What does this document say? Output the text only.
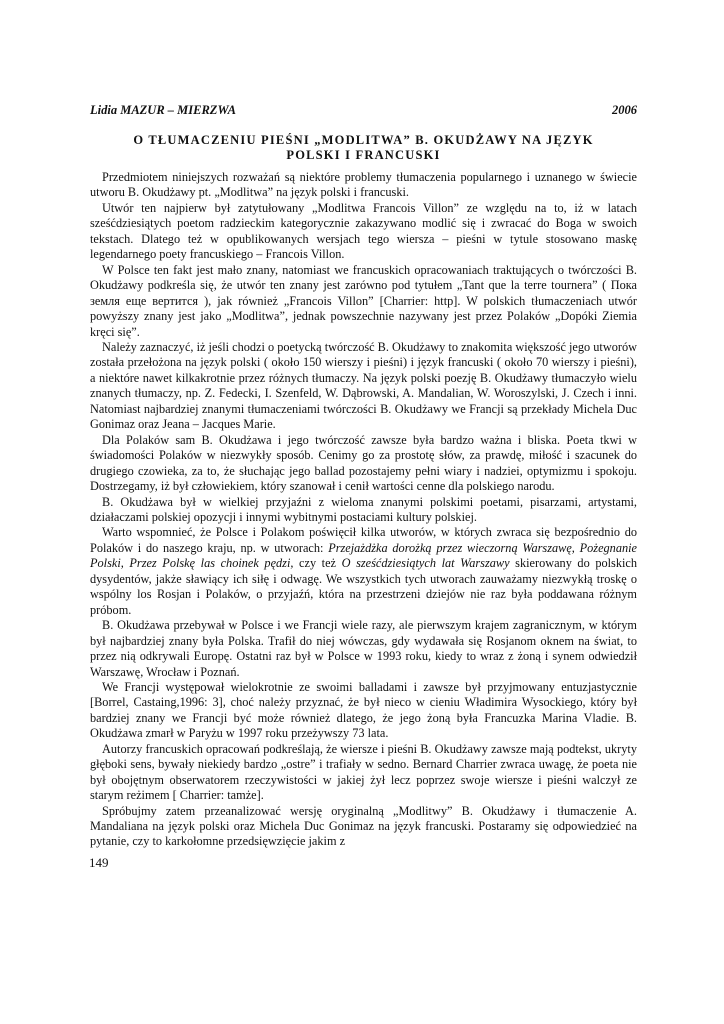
Lidia MAZUR – MIERZWA	2006
O TŁUMACZENIU PIEŚNI „MODLITWA” B. OKUDŻAWY NA JĘZYK
POLSKI I FRANCUSKI

Przedmiotem niniejszych rozważań są niektóre problemy tłumaczenia popularnego i uznanego w świecie utworu B. Okudżawy pt. „Modlitwa” na język polski i francuski.

Utwór ten najpierw był zatytułowany „Modlitwa Francois Villon” ze względu na to, iż w latach sześćdziesiątych poetom radzieckim kategorycznie zakazywano modlić się i zwracać do Boga w swoich tekstach. Dlatego też w opublikowanych wersjach tego wiersza – pieśni w tytule stosowano maskę legendarnego poety francuskiego – Francois Villon.

W Polsce ten fakt jest mało znany, natomiast we francuskich opracowaniach traktujących o twórczości B. Okudżawy podkreśla się, że utwór ten znany jest zarówno pod tytułem „Tant que la terre tournera” ( Пока земля еще вертится ), jak również „Francois Villon” [Charrier: http]. W polskich tłumaczeniach utwór powyższy znany jest jako „Modlitwa”, jednak powszechnie nazywany jest przez Polaków „Dopóki Ziemia kręci się”.

Należy zaznaczyć, iż jeśli chodzi o poetycką twórczość B. Okudżawy to znakomita większość jego utworów została przełożona na język polski ( około 150 wierszy i pieśni) i język francuski ( około 70 wierszy i pieśni), a niektóre nawet kilkakrotnie przez różnych tłumaczy. Na język polski poezję B. Okudżawy tłumaczyło wielu znanych tłumaczy, np. Z. Fedecki, I. Szenfeld, W. Dąbrowski, A. Mandalian, W. Woroszylski, J. Czech i inni. Natomiast najbardziej znanymi tłumaczeniami twórczości B. Okudżawy we Francji są przekłady Michela Duc Gonimaz oraz Jeana – Jacques Marie.

Dla Polaków sam B. Okudżawa i jego twórczość zawsze była bardzo ważna i bliska. Poeta tkwi w świadomości Polaków w niezwykły sposób. Cenimy go za prostotę słów, za prawdę, miłość i szacunek do drugiego czowieka, za to, że słuchając jego ballad pozostajemy pełni wiary i nadziei, optymizmu i spokoju. Dostrzegamy, iż był człowiekiem, który szanował i cenił wartości cenne dla polskiego narodu.

B. Okudżawa był w wielkiej przyjaźni z wieloma znanymi polskimi poetami, pisarzami, artystami, działaczami polskiej opozycji i innymi wybitnymi postaciami kultury polskiej.

Warto wspomnieć, że Polsce i Polakom poświęcił kilka utworów, w których zwraca się bezpośrednio do Polaków i do naszego kraju, np. w utworach: Przejażdżka dorożką przez wieczorną Warszawę, Pożegnanie Polski, Przez Polskę las choinek pędzi, czy też O sześćdziesiątych lat Warszawy skierowany do polskich dysydentów, jakże sławiący ich siłę i odwagę. We wszystkich tych utworach zauważamy niezwykłą troskę o wspólny los Rosjan i Polaków, o przyjaźń, która na przestrzeni dziejów nie raz była poddawana różnym próbom.

B. Okudżawa przebywał w Polsce i we Francji wiele razy, ale pierwszym krajem zagranicznym, w którym był najbardziej znany była Polska. Trafił do niej wówczas, gdy wydawała się Rosjanom oknem na świat, to przez nią odkrywali Europę. Ostatni raz był w Polsce w 1993 roku, kiedy to wraz z żoną i synem odwiedził Warszawę, Wrocław i Poznań.

We Francji występował wielokrotnie ze swoimi balladami i zawsze był przyjmowany entuzjastycznie [Borrel, Castaing,1996: 3], choć należy przyznać, że był nieco w cieniu Władimira Wysockiego, który był bardziej znany we Francji być może również dlatego, że jego żoną była Francuzka Marina Vladie. B. Okudżawa zmarł w Paryżu w 1997 roku przeżywszy 73 lata.

Autorzy francuskich opracowań podkreślają, że wiersze i pieśni B. Okudżawy zawsze mają podtekst, ukryty głęboki sens, bywały niekiedy bardzo „ostre” i trafiały w sedno. Bernard Charrier zwraca uwagę, że poeta nie był obojętnym obserwatorem rzeczywistości w jakiej żył lecz poprzez swoje wiersze i pieśni walczył ze starym reżimem [ Charrier: tamże].

Spróbujmy zatem przeanalizować wersję oryginalną „Modlitwy” B. Okudżawy i tłumaczenie A. Mandaliana na język polski oraz Michela Duc Gonimaz na język francuski. Postaramy się odpowiedzieć na pytanie, czy to karkołomne przedsięwzięcie jakim z

149
